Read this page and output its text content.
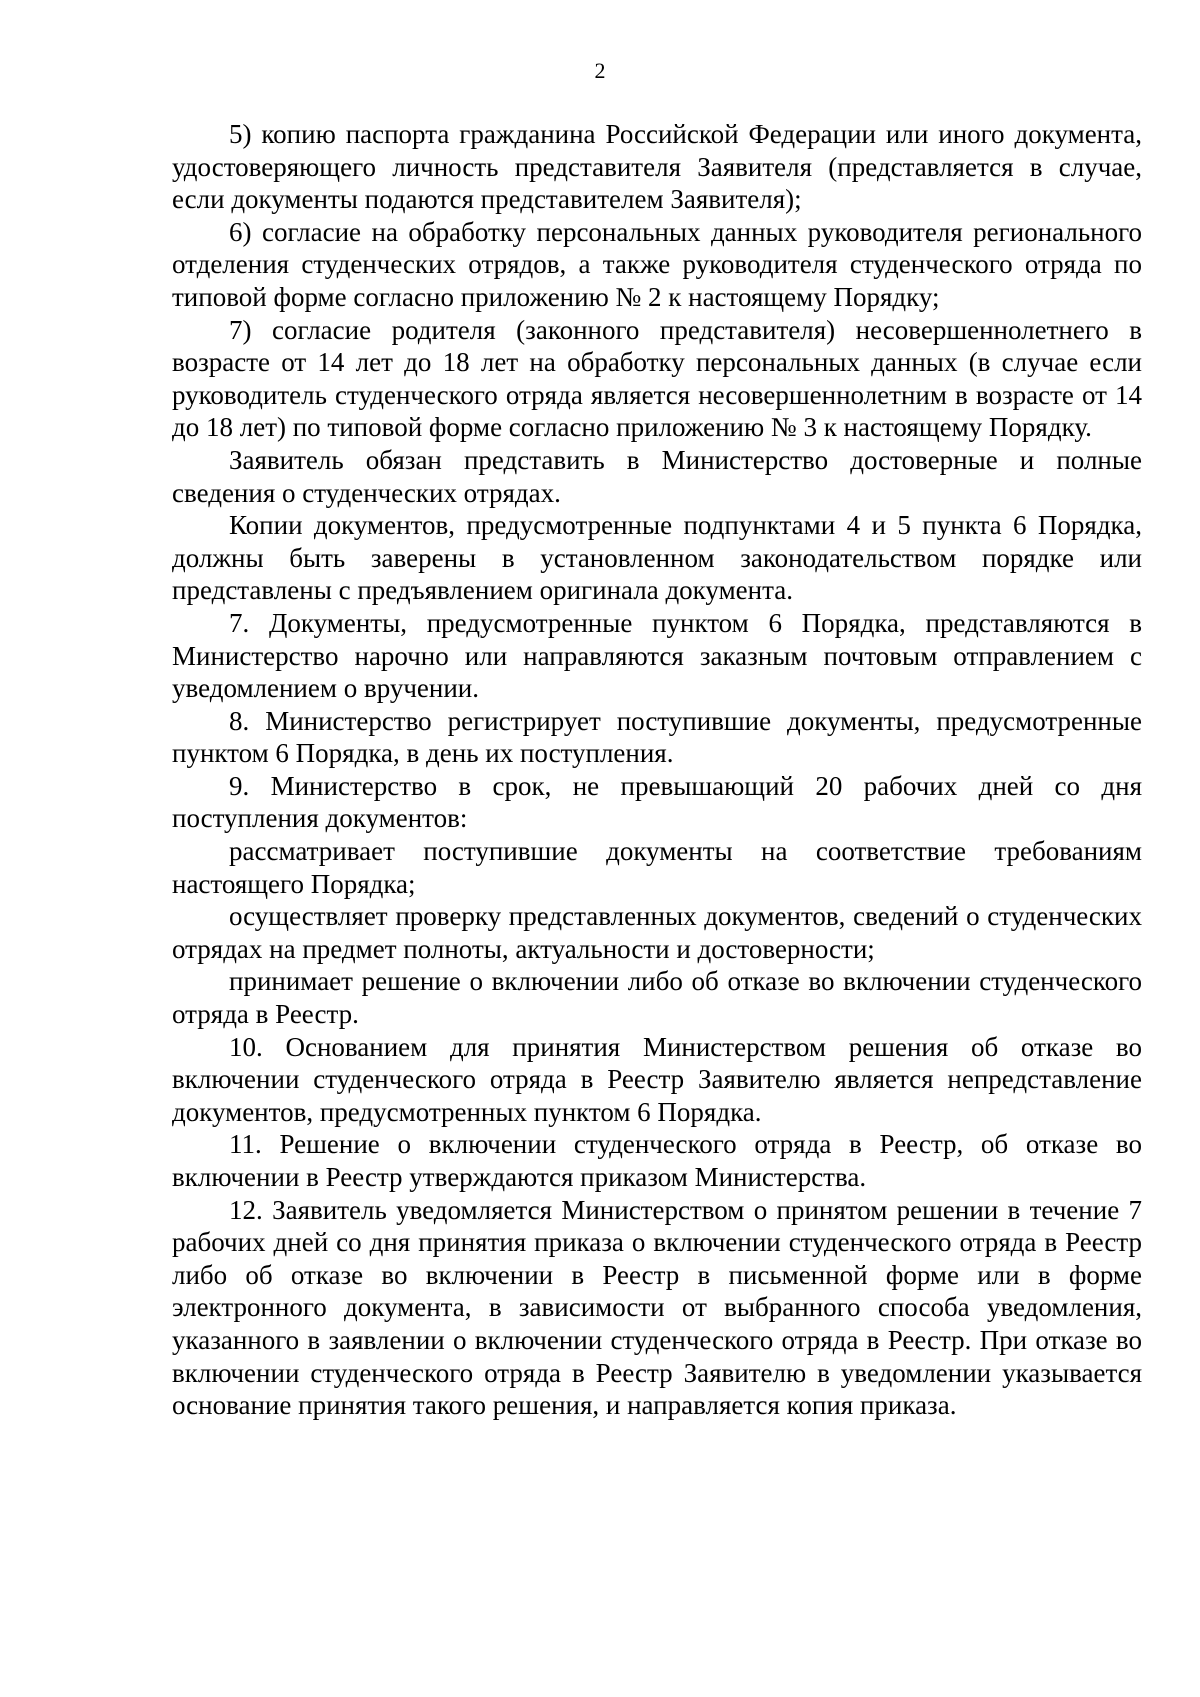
2

5) копию паспорта гражданина Российской Федерации или иного документа, удостоверяющего личность представителя Заявителя (представляется в случае, если документы подаются представителем Заявителя);

6) согласие на обработку персональных данных руководителя регионального отделения студенческих отрядов, а также руководителя студенческого отряда по типовой форме согласно приложению № 2 к настоящему Порядку;

7) согласие родителя (законного представителя) несовершеннолетнего в возрасте от 14 лет до 18 лет на обработку персональных данных (в случае если руководитель студенческого отряда является несовершеннолетним в возрасте от 14 до 18 лет) по типовой форме согласно приложению № 3 к настоящему Порядку.

Заявитель обязан представить в Министерство достоверные и полные сведения о студенческих отрядах.

Копии документов, предусмотренные подпунктами 4 и 5 пункта 6 Порядка, должны быть заверены в установленном законодательством порядке или представлены с предъявлением оригинала документа.

7. Документы, предусмотренные пунктом 6 Порядка, представляются в Министерство нарочно или направляются заказным почтовым отправлением с уведомлением о вручении.

8. Министерство регистрирует поступившие документы, предусмотренные пунктом 6 Порядка, в день их поступления.

9. Министерство в срок, не превышающий 20 рабочих дней со дня поступления документов:

рассматривает поступившие документы на соответствие требованиям настоящего Порядка;

осуществляет проверку представленных документов, сведений о студенческих отрядах на предмет полноты, актуальности и достоверности;

принимает решение о включении либо об отказе во включении студенческого отряда в Реестр.

10. Основанием для принятия Министерством решения об отказе во включении студенческого отряда в Реестр Заявителю является непредставление документов, предусмотренных пунктом 6 Порядка.

11. Решение о включении студенческого отряда в Реестр, об отказе во включении в Реестр утверждаются приказом Министерства.

12. Заявитель уведомляется Министерством о принятом решении в течение 7 рабочих дней со дня принятия приказа о включении студенческого отряда в Реестр либо об отказе во включении в Реестр в письменной форме или в форме электронного документа, в зависимости от выбранного способа уведомления, указанного в заявлении о включении студенческого отряда в Реестр. При отказе во включении студенческого отряда в Реестр Заявителю в уведомлении указывается основание принятия такого решения, и направляется копия приказа.
